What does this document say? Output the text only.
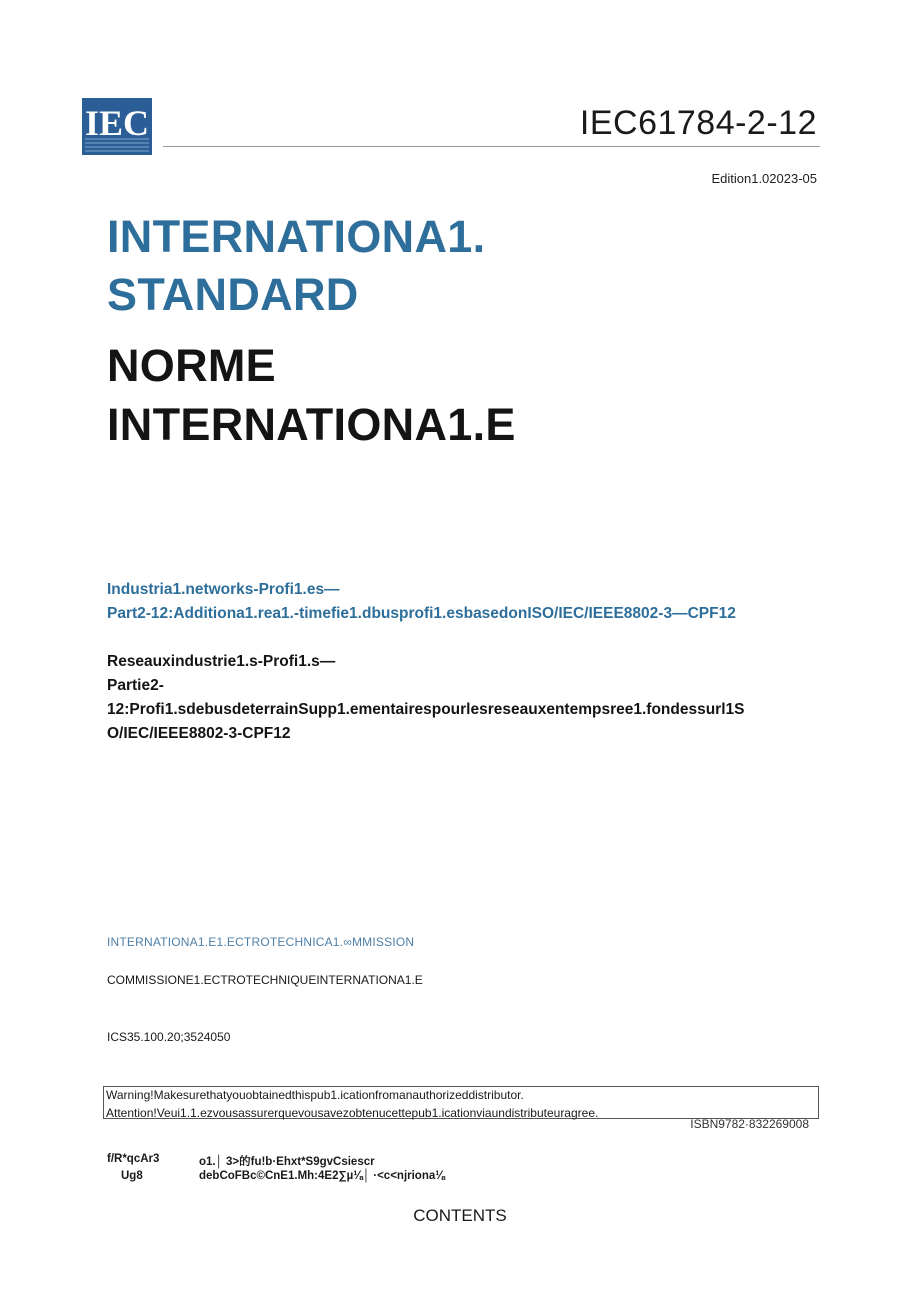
IEC	IEC61784-2-12
Edition1.02023-05
INTERNATIONA1.
STANDARD
NORME
INTERNATIONA1.E
Industria1.networks-Profi1.es—
Part2-12:Additiona1.rea1.-timefie1.dbusprofi1.esbasedonISO/IEC/IEEE8802-3—CPF12
Reseauxindustrie1.s-Profi1.s—
Partie2-
12:Profi1.sdebusdeterrainSupp1.ementairespourlesreseauxentempsree1.fondessurl1S
O/IEC/IEEE8802-3-CPF12
INTERNATIONA1.E1.ECTROTECHNICA1.∞MMISSION
COMMISSIONE1.ECTROTECHNIQUEINTERNATIONA1.E
ICS35.100.20;3524050
Warning!Makesurethatyouobtainedthispub1.icationfromanauthorizeddistributor.
Attention!Veui1.1.ezvousassurerquevousavezobtenucettepub1.icationviaundistributeuragree.
ISBN9782·832269008
f/R*qcAr3	o1.│ 3>的fu!b·Ehxt*S9gvCsiescr
Ug8	debCoFBc©CnE1.Mh:4E2∑µ⅛│ ·<c<njriona⅛
CONTENTS
